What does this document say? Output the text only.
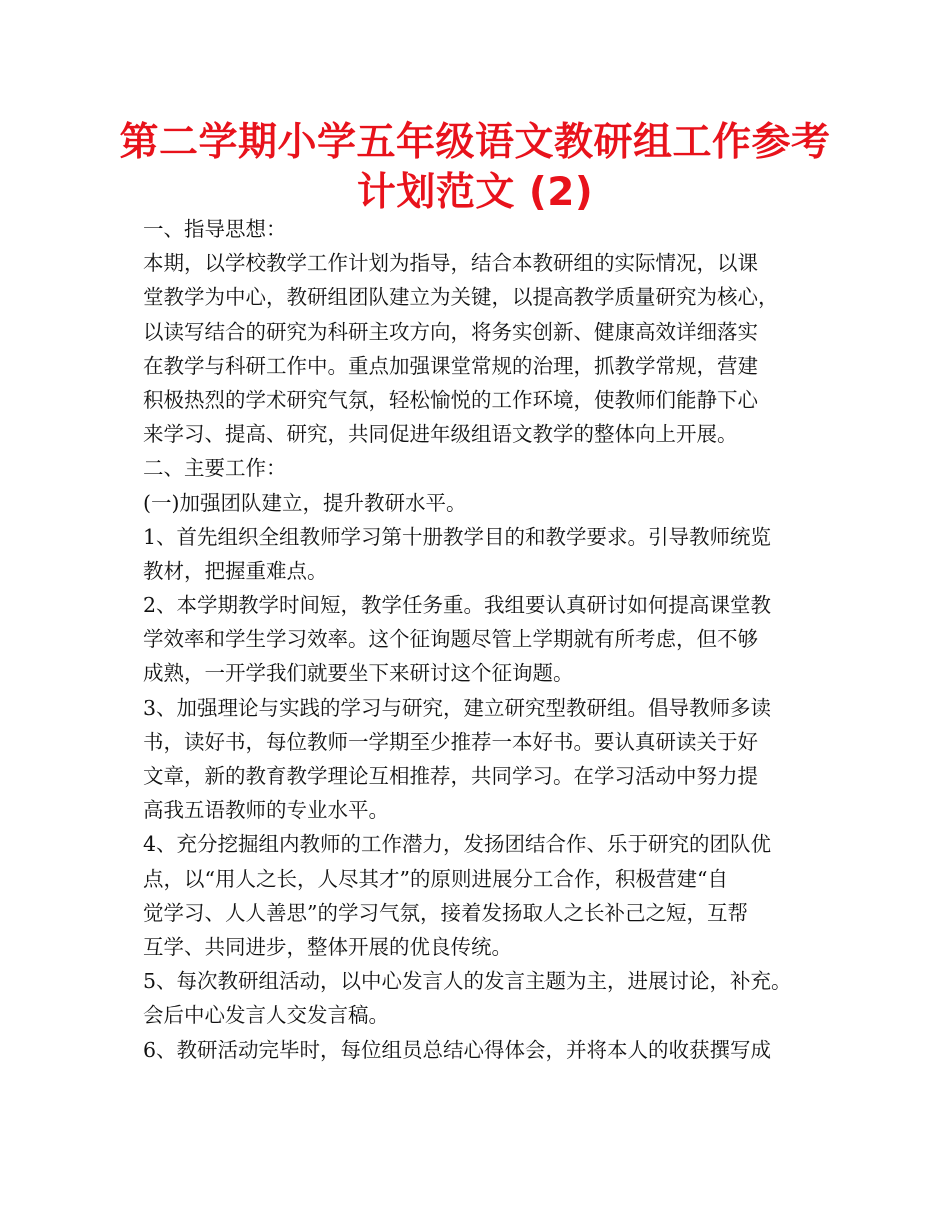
第二学期小学五年级语文教研组工作参考
计划范文 (2)
一、指导思想：
本期，以学校教学工作计划为指导，结合本教研组的实际情况，以课
堂教学为中心，教研组团队建立为关键，以提高教学质量研究为核心，
以读写结合的研究为科研主攻方向，将务实创新、健康高效详细落实
在教学与科研工作中。重点加强课堂常规的治理，抓教学常规，营建
积极热烈的学术研究气氛，轻松愉悦的工作环境，使教师们能静下心
来学习、提高、研究，共同促进年级组语文教学的整体向上开展。
二、主要工作：
(一)加强团队建立，提升教研水平。
1、首先组织全组教师学习第十册教学目的和教学要求。引导教师统览
教材，把握重难点。
2、本学期教学时间短，教学任务重。我组要认真研讨如何提高课堂教
学效率和学生学习效率。这个征询题尽管上学期就有所考虑，但不够
成熟，一开学我们就要坐下来研讨这个征询题。
3、加强理论与实践的学习与研究，建立研究型教研组。倡导教师多读
书，读好书，每位教师一学期至少推荐一本好书。要认真研读关于好
文章，新的教育教学理论互相推荐，共同学习。在学习活动中努力提
高我五语教师的专业水平。
4、充分挖掘组内教师的工作潜力，发扬团结合作、乐于研究的团队优
点，以“用人之长，人尽其才”的原则进展分工合作，积极营建“自
觉学习、人人善思”的学习气氛，接着发扬取人之长补己之短，互帮
互学、共同进步，整体开展的优良传统。
5、每次教研组活动，以中心发言人的发言主题为主，进展讨论，补充。
会后中心发言人交发言稿。
6、教研活动完毕时，每位组员总结心得体会，并将本人的收获撰写成
